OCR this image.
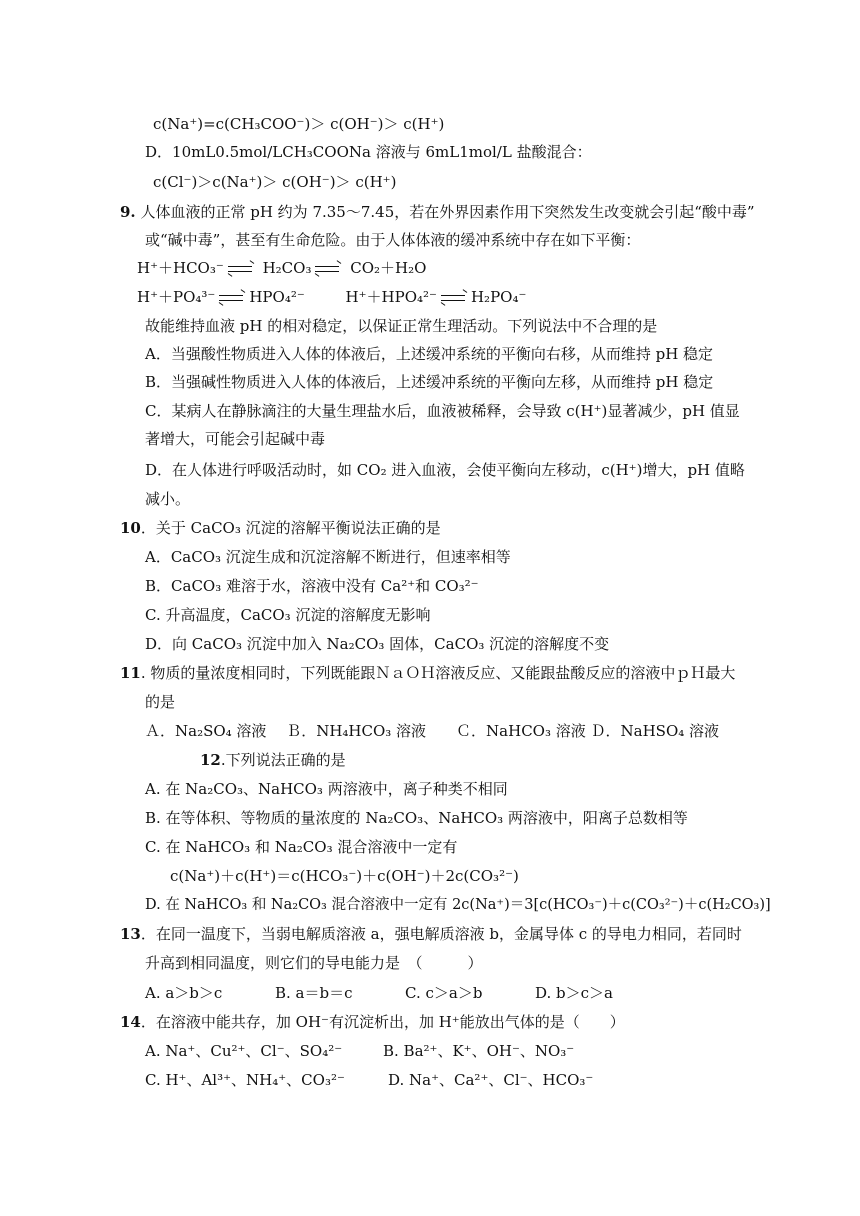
c(Na⁺)=c(CH₃COO⁻)＞ c(OH⁻)＞ c(H⁺)
D．10mL0.5mol/LCH₃COONa 溶液与 6mL1mol/L 盐酸混合：
c(Cl⁻)＞c(Na⁺)＞ c(OH⁻)＞ c(H⁺)
9. 人体血液的正常 pH 约为 7.35～7.45，若在外界因素作用下突然发生改变就会引起“酸中毒”
或“碱中毒”，甚至有生命危险。由于人体体液的缓冲系统中存在如下平衡：
H⁺＋HCO₃⁻	H₂CO₃	CO₂＋H₂O
H⁺＋PO₄³⁻ HPO₄²⁻	H⁺＋HPO₄²⁻ H₂PO₄⁻
故能维持血液 pH 的相对稳定，以保证正常生理活动。下列说法中不合理的是
A．当强酸性物质进入人体的体液后，上述缓冲系统的平衡向右移，从而维持 pH 稳定
B．当强碱性物质进入人体的体液后，上述缓冲系统的平衡向左移，从而维持 pH 稳定
C．某病人在静脉滴注的大量生理盐水后，血液被稀释，会导致 c(H⁺)显著减少，pH 值显
著增大，可能会引起碱中毒
D．在人体进行呼吸活动时，如 CO₂ 进入血液，会使平衡向左移动，c(H⁺)增大，pH 值略
减小。
10．关于 CaCO₃ 沉淀的溶解平衡说法正确的是
A．CaCO₃ 沉淀生成和沉淀溶解不断进行，但速率相等
B．CaCO₃ 难溶于水，溶液中没有 Ca²⁺和 CO₃²⁻
C. 升高温度，CaCO₃ 沉淀的溶解度无影响
D．向 CaCO₃ 沉淀中加入 Na₂CO₃ 固体，CaCO₃ 沉淀的溶解度不变
11. 物质的量浓度相同时，下列既能跟ＮａＯＨ溶液反应、又能跟盐酸反应的溶液中ｐＨ最大
的是
Ａ．Na₂SO₄ 溶液　 Ｂ．NH₄HCO₃ 溶液　　Ｃ．NaHCO₃ 溶液 Ｄ．NaHSO₄ 溶液
12.下列说法正确的是
A. 在 Na₂CO₃、NaHCO₃ 两溶液中，离子种类不相同
B. 在等体积、等物质的量浓度的 Na₂CO₃、NaHCO₃ 两溶液中，阳离子总数相等
C. 在 NaHCO₃ 和 Na₂CO₃ 混合溶液中一定有
c(Na⁺)＋c(H⁺)＝c(HCO₃⁻)＋c(OH⁻)＋2c(CO₃²⁻)
D. 在 NaHCO₃ 和 Na₂CO₃ 混合溶液中一定有 2c(Na⁺)＝3[c(HCO₃⁻)＋c(CO₃²⁻)＋c(H₂CO₃)]
13．在同一温度下，当弱电解质溶液 a，强电解质溶液 b，金属导体 c 的导电力相同，若同时
升高到相同温度，则它们的导电能力是　（　　　）
A. a＞b＞c	B. a＝b＝c	C. c＞a＞b	D. b＞c＞a
14．在溶液中能共存，加 OH⁻有沉淀析出，加 H⁺能放出气体的是（　　）
A. Na⁺、Cu²⁺、Cl⁻、SO₄²⁻	B. Ba²⁺、K⁺、OH⁻、NO₃⁻
C. H⁺、Al³⁺、NH₄⁺、CO₃²⁻	D. Na⁺、Ca²⁺、Cl⁻、HCO₃⁻
